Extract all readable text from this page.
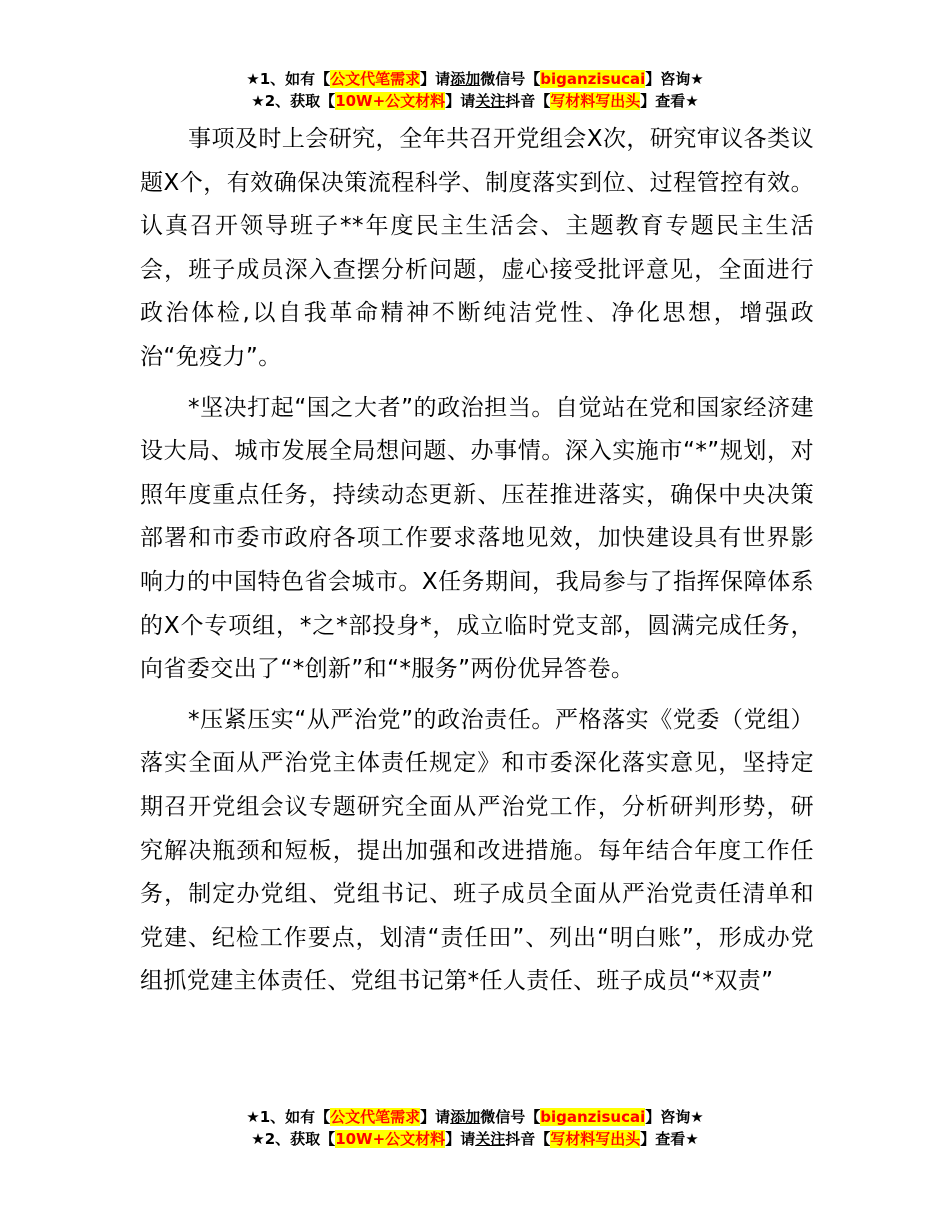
★1、如有【公文代笔需求】请添加微信号【biganzisucai】咨询★
★2、获取【10W+公文材料】请关注抖音【写材料写出头】查看★

事项及时上会研究，全年共召开党组会X次，研究审议各类议题X个，有效确保决策流程科学、制度落实到位、过程管控有效。认真召开领导班子**年度民主生活会、主题教育专题民主生活会，班子成员深入查摆分析问题，虚心接受批评意见，全面进行政治体检,以自我革命精神不断纯洁党性、净化思想，增强政治“免疫力”。

*坚决打起“国之大者”的政治担当。自觉站在党和国家经济建设大局、城市发展全局想问题、办事情。深入实施市“*”规划，对照年度重点任务，持续动态更新、压茬推进落实，确保中央决策部署和市委市政府各项工作要求落地见效，加快建设具有世界影响力的中国特色省会城市。X任务期间，我局参与了指挥保障体系的X个专项组，*之*部投身*，成立临时党支部，圆满完成任务，向省委交出了“*创新”和“*服务”两份优异答卷。

*压紧压实“从严治党”的政治责任。严格落实《党委（党组）落实全面从严治党主体责任规定》和市委深化落实意见，坚持定期召开党组会议专题研究全面从严治党工作，分析研判形势，研究解决瓶颈和短板，提出加强和改进措施。每年结合年度工作任务，制定办党组、党组书记、班子成员全面从严治党责任清单和党建、纪检工作要点，划清“责任田”、列出“明白账”，形成办党组抓党建主体责任、党组书记第*任人责任、班子成员“*双责”

★1、如有【公文代笔需求】请添加微信号【biganzisucai】咨询★
★2、获取【10W+公文材料】请关注抖音【写材料写出头】查看★
